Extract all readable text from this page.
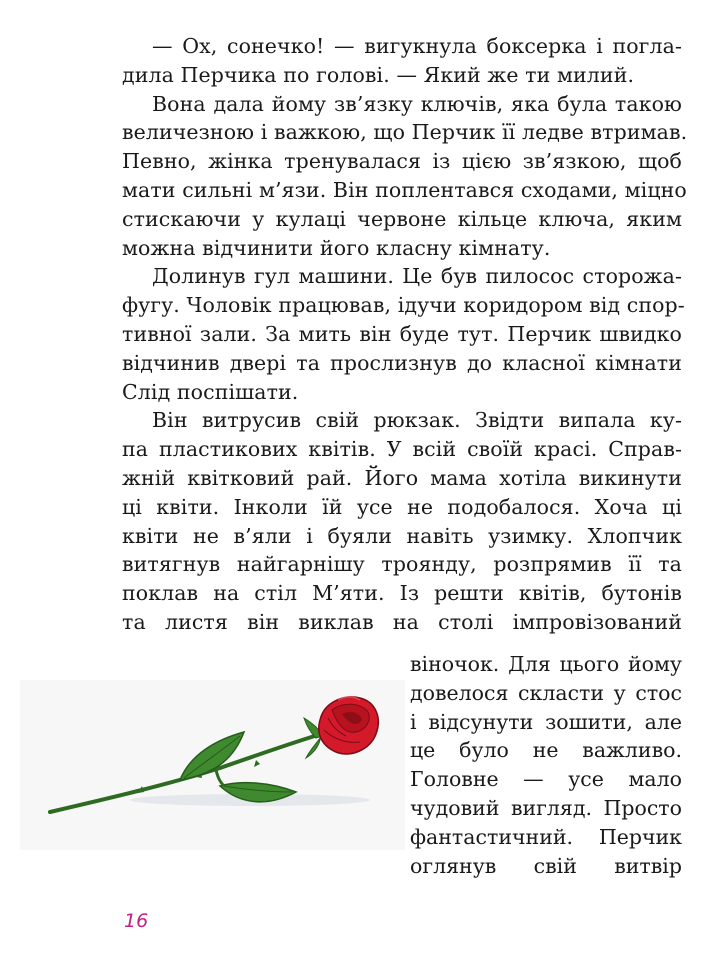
— Ох, сонечко! — вигукнула боксерка і погла-
дила Перчика по голові. — Який же ти милий.
Вона дала йому зв’язку ключів, яка була такою
величезною і важкою, що Перчик її ледве втримав.
Певно, жінка тренувалася із цією зв’язкою, щоб
мати сильні м’язи. Він поплентався сходами, міцно
стискаючи у кулаці червоне кільце ключа, яким
можна відчинити його класну кімнату.
Долинув гул машини. Це був пилосос сторожа-
фугу. Чоловік працював, ідучи коридором від спор-
тивної зали. За мить він буде тут. Перчик швидко
відчинив двері та прослизнув до класної кімнати
Слід поспішати.
Він витрусив свій рюкзак. Звідти випала ку-
па пластикових квітів. У всій своїй красі. Справ-
жній квітковий рай. Його мама хотіла викинути
ці квіти. Інколи їй усе не подобалося. Хоча ці
квіти не в’яли і буяли навіть узимку. Хлопчик
витягнув найгарнішу троянду, розпрямив її та
поклав на стіл М’яти. Із решти квітів, бутонів
та листя він виклав на столі імпровізований
віночок. Для цього йому
довелося скласти у стос
і відсунути зошити, але
це було не важливо.
Головне — усе мало
чудовий вигляд. Просто
фантастичний. Перчик
оглянув свій витвір
16
